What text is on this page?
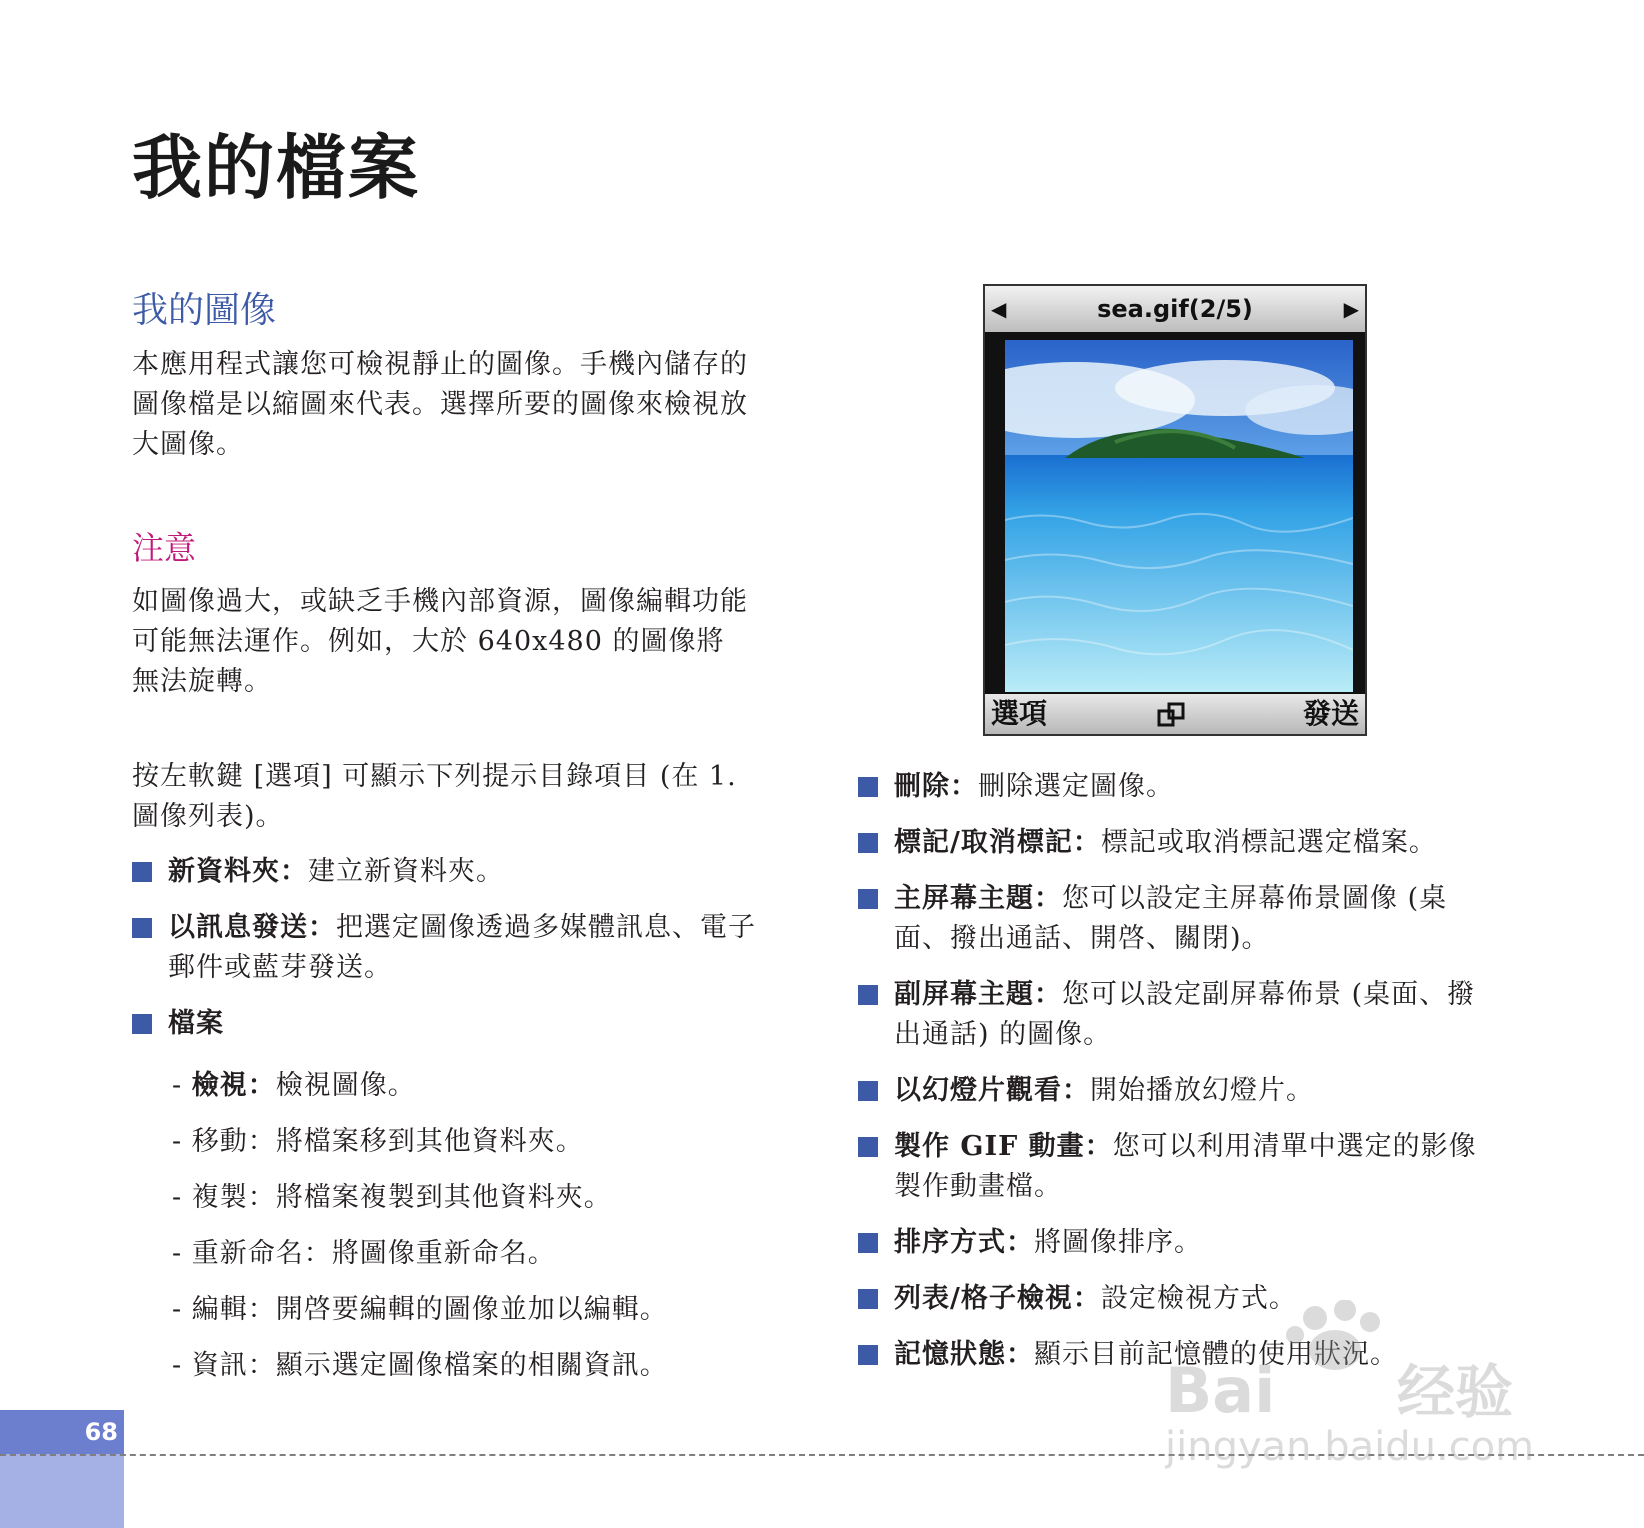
我的檔案
我的圖像
本應用程式讓您可檢視靜止的圖像。手機內儲存的圖像檔是以縮圖來代表。選擇所要的圖像來檢視放大圖像。
注意
如圖像過大，或缺乏手機內部資源，圖像編輯功能可能無法運作。例如，大於 640x480 的圖像將無法旋轉。
按左軟鍵 [選項] 可顯示下列提示目錄項目 (在 1.圖像列表)。
新資料夾：建立新資料夾。
以訊息發送：把選定圖像透過多媒體訊息、電子郵件或藍芽發送。
檔案
- 檢視：檢視圖像。
- 移動：將檔案移到其他資料夾。
- 複製：將檔案複製到其他資料夾。
- 重新命名：將圖像重新命名。
- 編輯：開啓要編輯的圖像並加以編輯。
- 資訊：顯示選定圖像檔案的相關資訊。
◀	sea.gif(2/5)	▶
選項	發送
刪除：刪除選定圖像。
標記/取消標記：標記或取消標記選定檔案。
主屏幕主題：您可以設定主屏幕佈景圖像 (桌面、撥出通話、開啓、關閉)。
副屏幕主題：您可以設定副屏幕佈景 (桌面、撥出通話) 的圖像。
以幻燈片觀看：開始播放幻燈片。
製作 GIF 動畫：您可以利用清單中選定的影像製作動畫檔。
排序方式：將圖像排序。
列表/格子檢視：設定檢視方式。
記憶狀態：顯示目前記憶體的使用狀況。
68
Bai 经验
jingyan.baidu.com
